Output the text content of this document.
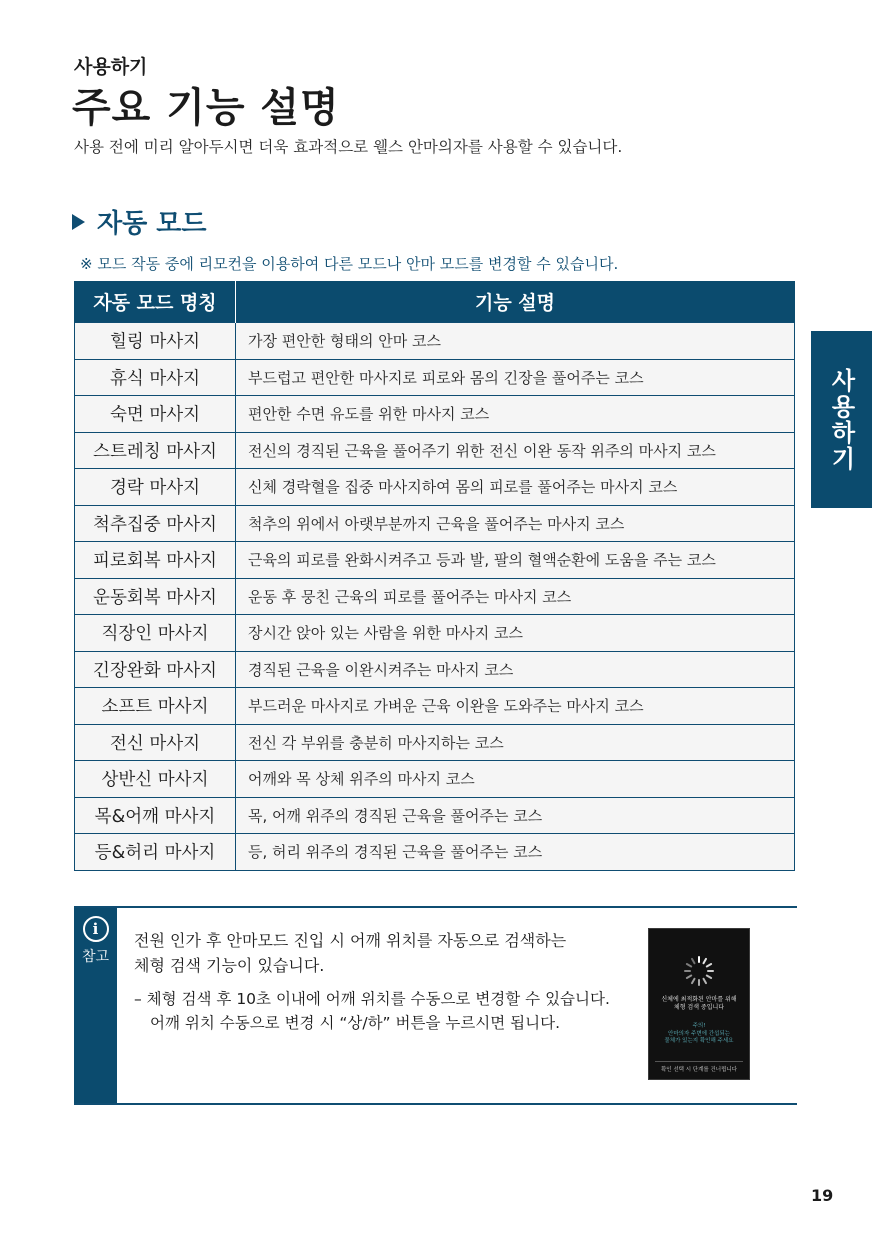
사용하기
주요 기능 설명
사용 전에 미리 알아두시면 더욱 효과적으로 웰스 안마의자를 사용할 수 있습니다.
자동 모드
※ 모드 작동 중에 리모컨을 이용하여 다른 모드나 안마 모드를 변경할 수 있습니다.
자동 모드 명칭	기능 설명
힐링 마사지	가장 편안한 형태의 안마 코스
휴식 마사지	부드럽고 편안한 마사지로 피로와 몸의 긴장을 풀어주는 코스
숙면 마사지	편안한 수면 유도를 위한 마사지 코스
스트레칭 마사지	전신의 경직된 근육을 풀어주기 위한 전신 이완 동작 위주의 마사지 코스
경락 마사지	신체 경락혈을 집중 마사지하여 몸의 피로를 풀어주는 마사지 코스
척추집중 마사지	척추의 위에서 아랫부분까지 근육을 풀어주는 마사지 코스
피로회복 마사지	근육의 피로를 완화시켜주고 등과 발, 팔의 혈액순환에 도움을 주는 코스
운동회복 마사지	운동 후 뭉친 근육의 피로를 풀어주는 마사지 코스
직장인 마사지	장시간 앉아 있는 사람을 위한 마사지 코스
긴장완화 마사지	경직된 근육을 이완시켜주는 마사지 코스
소프트 마사지	부드러운 마사지로 가벼운 근육 이완을 도와주는 마사지 코스
전신 마사지	전신 각 부위를 충분히 마사지하는 코스
상반신 마사지	어깨와 목 상체 위주의 마사지 코스
목&어깨 마사지	목, 어깨 위주의 경직된 근육을 풀어주는 코스
등&허리 마사지	등, 허리 위주의 경직된 근육을 풀어주는 코스
사용하기
i
참고
전원 인가 후 안마모드 진입 시 어깨 위치를 자동으로 검색하는
체형 검색 기능이 있습니다.
– 체형 검색 후 10초 이내에 어깨 위치를 수동으로 변경할 수 있습니다.
어깨 위치 수동으로 변경 시 “상/하” 버튼을 누르시면 됩니다.
신체에 최적화된 안마를 위해
체형 검색 중입니다
주의!
안마의자 주변에 간섭되는
물체가 있는지 확인해 주세요
확인 선택 시 단계를 건너뜁니다
19
